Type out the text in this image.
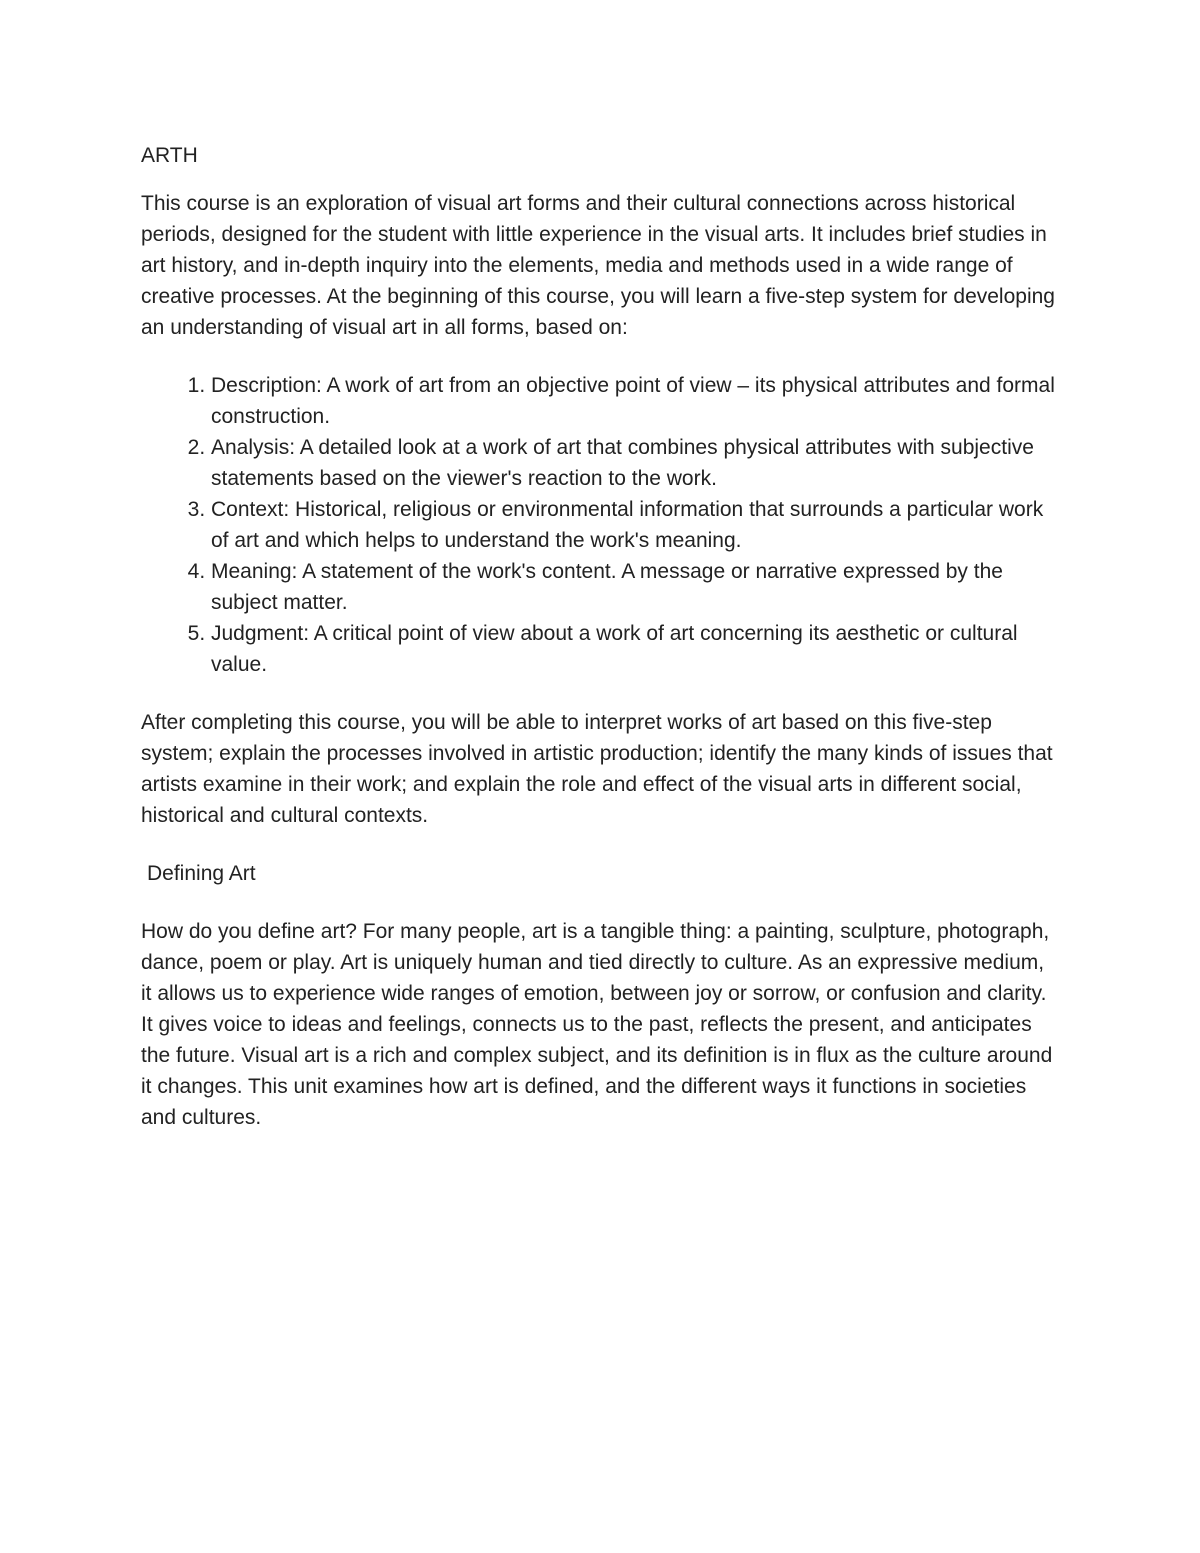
ARTH

This course is an exploration of visual art forms and their cultural connections across historical periods, designed for the student with little experience in the visual arts. It includes brief studies in art history, and in-depth inquiry into the elements, media and methods used in a wide range of creative processes. At the beginning of this course, you will learn a five-step system for developing an understanding of visual art in all forms, based on:

1. Description: A work of art from an objective point of view – its physical attributes and formal construction.
2. Analysis: A detailed look at a work of art that combines physical attributes with subjective statements based on the viewer's reaction to the work.
3. Context: Historical, religious or environmental information that surrounds a particular work of art and which helps to understand the work's meaning.
4. Meaning: A statement of the work's content. A message or narrative expressed by the subject matter.
5. Judgment: A critical point of view about a work of art concerning its aesthetic or cultural value.

After completing this course, you will be able to interpret works of art based on this five-step system; explain the processes involved in artistic production; identify the many kinds of issues that artists examine in their work; and explain the role and effect of the visual arts in different social, historical and cultural contexts.

Defining Art

How do you define art? For many people, art is a tangible thing: a painting, sculpture, photograph, dance, poem or play. Art is uniquely human and tied directly to culture. As an expressive medium, it allows us to experience wide ranges of emotion, between joy or sorrow, or confusion and clarity. It gives voice to ideas and feelings, connects us to the past, reflects the present, and anticipates the future. Visual art is a rich and complex subject, and its definition is in flux as the culture around it changes. This unit examines how art is defined, and the different ways it functions in societies and cultures.
